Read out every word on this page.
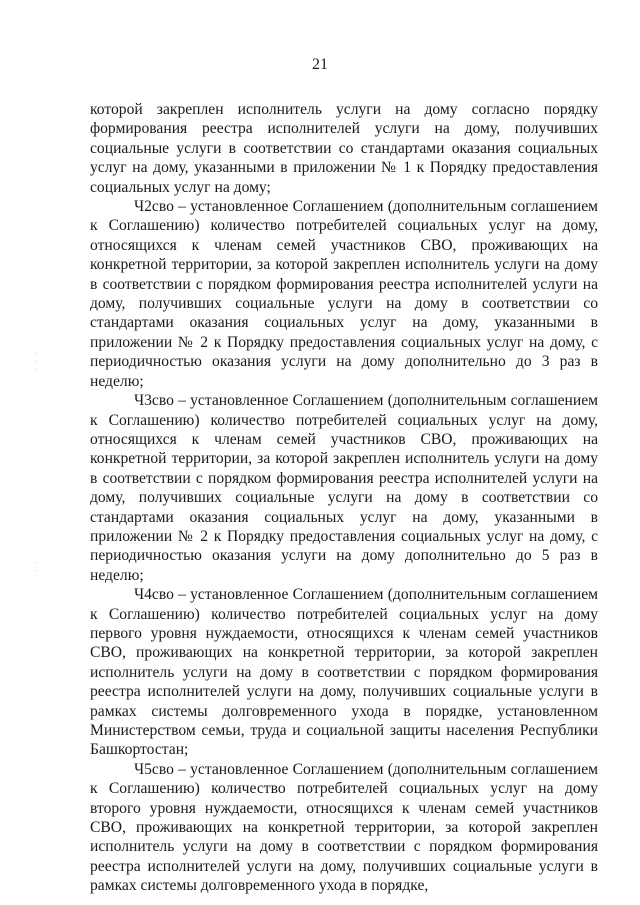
21
·
·
·
·
·

которой закреплен исполнитель услуги на дому согласно порядку формирования реестра исполнителей услуги на дому, получивших социальные услуги в соответствии со стандартами оказания социальных услуг на дому, указанными в приложении № 1 к Порядку предоставления социальных услуг на дому;

Ч2сво – установленное Соглашением (дополнительным соглашением к Соглашению) количество потребителей социальных услуг на дому, относящихся к членам семей участников СВО, проживающих на конкретной территории, за которой закреплен исполнитель услуги на дому в соответствии с порядком формирования реестра исполнителей услуги на дому, получивших социальные услуги на дому в соответствии со стандартами оказания социальных услуг на дому, указанными в приложении № 2 к Порядку предоставления социальных услуг на дому, с периодичностью оказания услуги на дому дополнительно до 3 раз в неделю;

Ч3сво – установленное Соглашением (дополнительным соглашением к Соглашению) количество потребителей социальных услуг на дому, относящихся к членам семей участников СВО, проживающих на конкретной территории, за которой закреплен исполнитель услуги на дому в соответствии с порядком формирования реестра исполнителей услуги на дому, получивших социальные услуги на дому в соответствии со стандартами оказания социальных услуг на дому, указанными в приложении № 2 к Порядку предоставления социальных услуг на дому, с периодичностью оказания услуги на дому дополнительно до 5 раз в неделю;

Ч4сво – установленное Соглашением (дополнительным соглашением к Соглашению) количество потребителей социальных услуг на дому первого уровня нуждаемости, относящихся к членам семей участников СВО, проживающих на конкретной территории, за которой закреплен исполнитель услуги на дому в соответствии с порядком формирования реестра исполнителей услуги на дому, получивших социальные услуги в рамках системы долговременного ухода в порядке, установленном Министерством семьи, труда и социальной защиты населения Республики Башкортостан;

Ч5сво – установленное Соглашением (дополнительным соглашением к Соглашению) количество потребителей социальных услуг на дому второго уровня нуждаемости, относящихся к членам семей участников СВО, проживающих на конкретной территории, за которой закреплен исполнитель услуги на дому в соответствии с порядком формирования реестра исполнителей услуги на дому, получивших социальные услуги в рамках системы долговременного ухода в порядке,
